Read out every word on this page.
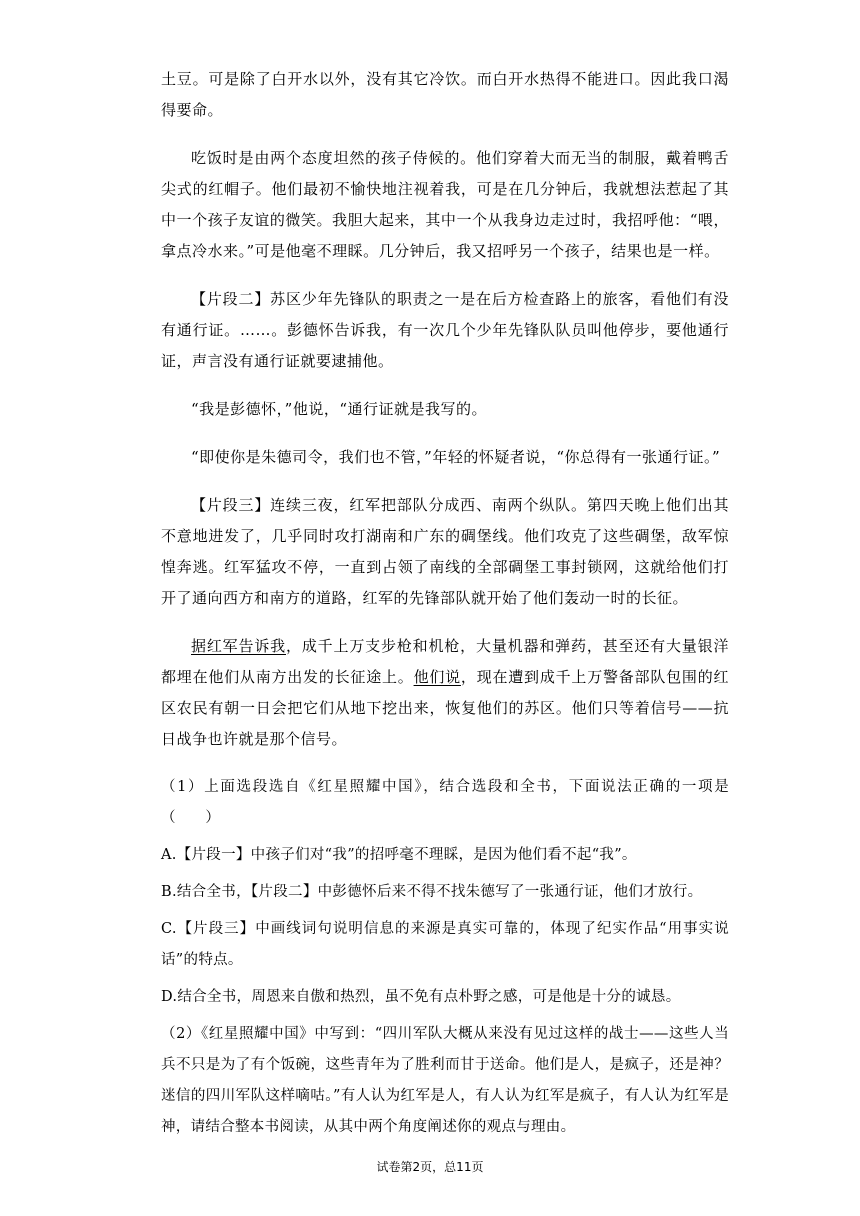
土豆。可是除了白开水以外，没有其它冷饮。而白开水热得不能进口。因此我口渴得要命。

吃饭时是由两个态度坦然的孩子侍候的。他们穿着大而无当的制服，戴着鸭舌尖式的红帽子。他们最初不愉快地注视着我，可是在几分钟后，我就想法惹起了其中一个孩子友谊的微笑。我胆大起来，其中一个从我身边走过时，我招呼他：“喂，拿点冷水来。”可是他毫不理睬。几分钟后，我又招呼另一个孩子，结果也是一样。

【片段二】苏区少年先锋队的职责之一是在后方检查路上的旅客，看他们有没有通行证。……。彭德怀告诉我，有一次几个少年先锋队队员叫他停步，要他通行证，声言没有通行证就要逮捕他。

“我是彭德怀，”他说，“通行证就是我写的。

“即使你是朱德司令，我们也不管，”年轻的怀疑者说，“你总得有一张通行证。”

【片段三】连续三夜，红军把部队分成西、南两个纵队。第四天晚上他们出其不意地进发了，几乎同时攻打湖南和广东的碉堡线。他们攻克了这些碉堡，敌军惊惶奔逃。红军猛攻不停，一直到占领了南线的全部碉堡工事封锁网，这就给他们打开了通向西方和南方的道路，红军的先锋部队就开始了他们轰动一时的长征。

据红军告诉我，成千上万支步枪和机枪，大量机器和弹药，甚至还有大量银洋都埋在他们从南方出发的长征途上。他们说，现在遭到成千上万警备部队包围的红区农民有朝一日会把它们从地下挖出来，恢复他们的苏区。他们只等着信号——抗日战争也许就是那个信号。

（1）上面选段选自《红星照耀中国》，结合选段和全书，下面说法正确的一项是（　　）

A.【片段一】中孩子们对“我”的招呼毫不理睬，是因为他们看不起“我”。

B.结合全书，【片段二】中彭德怀后来不得不找朱德写了一张通行证，他们才放行。

C.【片段三】中画线词句说明信息的来源是真实可靠的，体现了纪实作品“用事实说话”的特点。

D.结合全书，周恩来自傲和热烈，虽不免有点朴野之感，可是他是十分的诚恳。

（2）《红星照耀中国》中写到：“四川军队大概从来没有见过这样的战士——这些人当兵不只是为了有个饭碗，这些青年为了胜利而甘于送命。他们是人，是疯子，还是神？迷信的四川军队这样嘀咕。”有人认为红军是人，有人认为红军是疯子，有人认为红军是神，请结合整本书阅读，从其中两个角度阐述你的观点与理由。

试卷第2页，总11页
